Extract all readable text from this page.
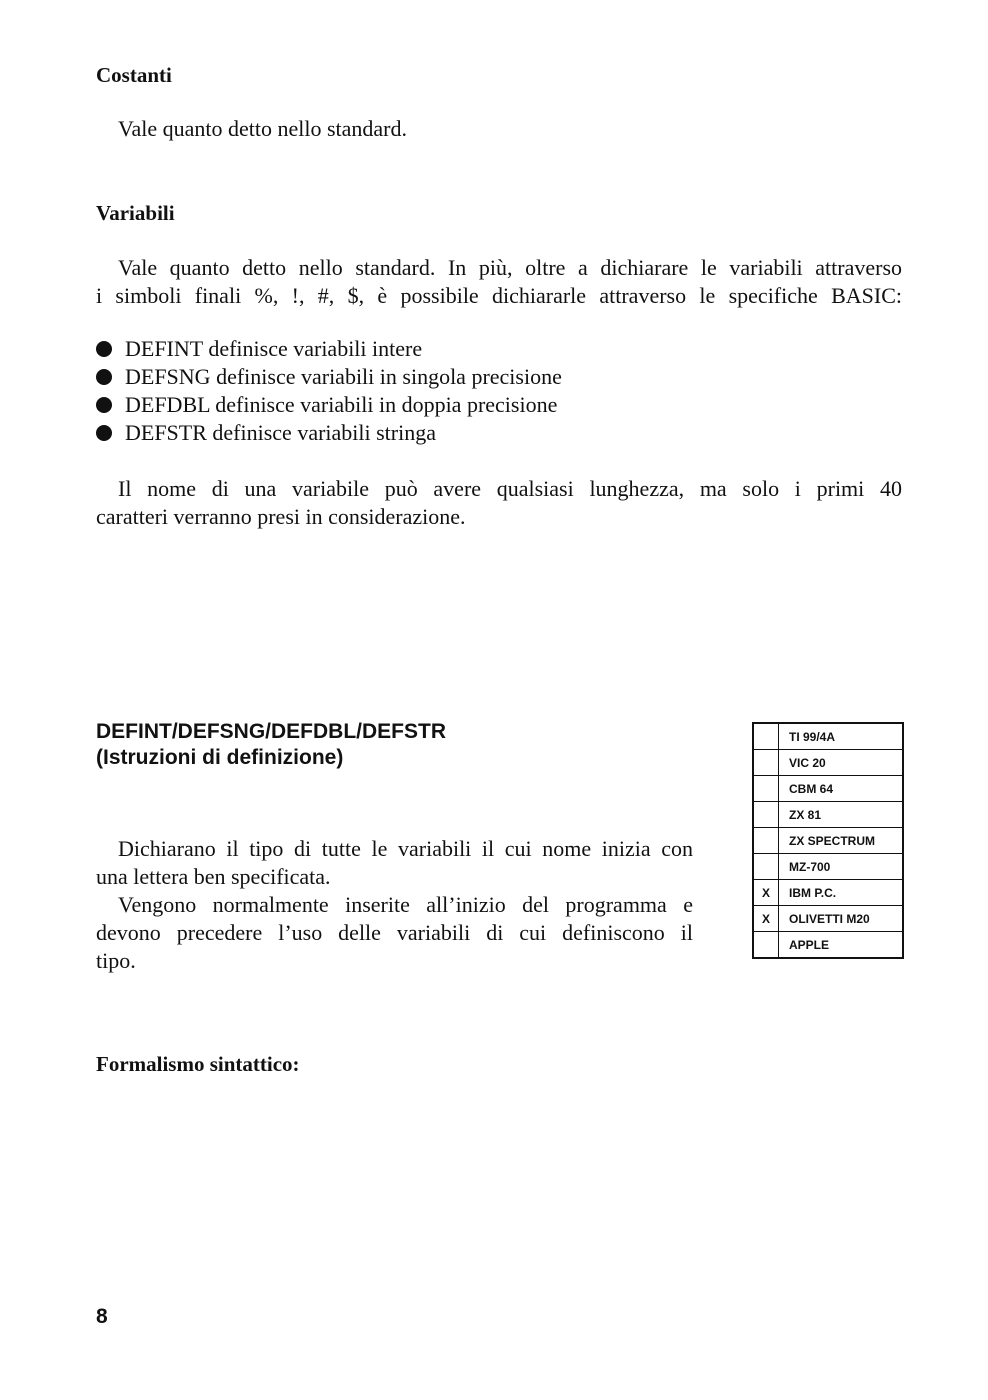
Costanti
Vale quanto detto nello standard.
Variabili
Vale quanto detto nello standard. In più, oltre a dichiarare le variabili attraverso
i simboli finali %, !, #, $, è possibile dichiararle attraverso le specifiche BASIC:
DEFINT definisce variabili intere
DEFSNG definisce variabili in singola precisione
DEFDBL definisce variabili in doppia precisione
DEFSTR definisce variabili stringa
Il nome di una variabile può avere qualsiasi lunghezza, ma solo i primi 40
caratteri verranno presi in considerazione.
DEFINT/DEFSNG/DEFDBL/DEFSTR
(Istruzioni di definizione)
Dichiarano il tipo di tutte le variabili il cui nome inizia con
una lettera ben specificata.
Vengono normalmente inserite all’inizio del programma e
devono precedere l’uso delle variabili di cui definiscono il
tipo.
	TI 99/4A
	VIC 20
	CBM 64
	ZX 81
	ZX SPECTRUM
	MZ-700
X	IBM P.C.
X	OLIVETTI M20
	APPLE
Formalismo sintattico:
8
